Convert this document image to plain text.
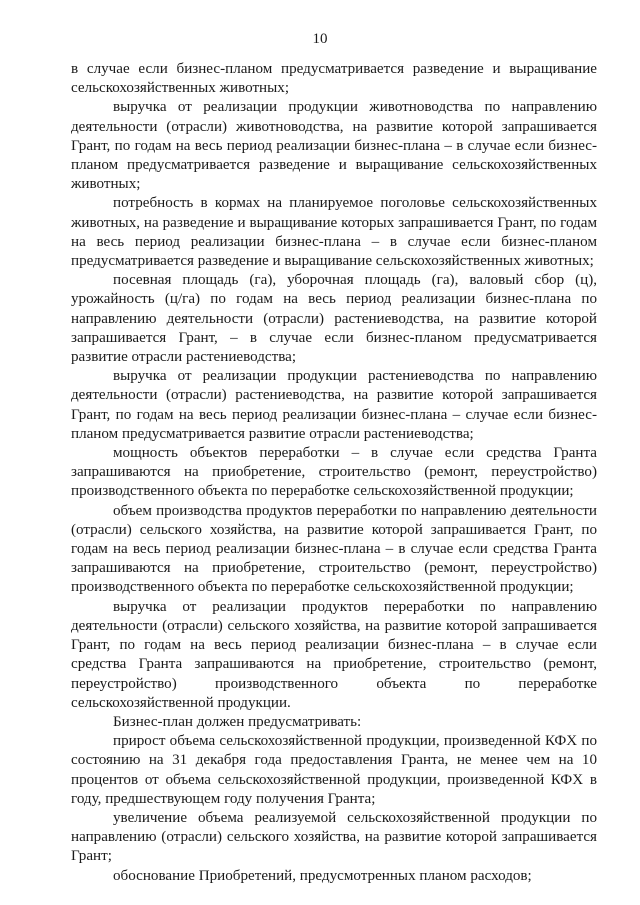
10

в случае если бизнес-планом предусматривается разведение и выращивание сельскохозяйственных животных;

выручка от реализации продукции животноводства по направлению деятельности (отрасли) животноводства, на развитие которой запрашивается Грант, по годам на весь период реализации бизнес-плана – в случае если бизнес-планом предусматривается разведение и выращивание сельскохозяйственных животных;

потребность в кормах на планируемое поголовье сельскохозяйственных животных, на разведение и выращивание которых запрашивается Грант, по годам на весь период реализации бизнес-плана – в случае если бизнес-планом предусматривается разведение и выращивание сельскохозяйственных животных;

посевная площадь (га), уборочная площадь (га), валовый сбор (ц), урожайность (ц/га) по годам на весь период реализации бизнес-плана по направлению деятельности (отрасли) растениеводства, на развитие которой запрашивается Грант, – в случае если бизнес-планом предусматривается развитие отрасли растениеводства;

выручка от реализации продукции растениеводства по направлению деятельности (отрасли) растениеводства, на развитие которой запрашивается Грант, по годам на весь период реализации бизнес-плана – случае если бизнес-планом предусматривается развитие отрасли растениеводства;

мощность объектов переработки – в случае если средства Гранта запрашиваются на приобретение, строительство (ремонт, переустройство) производственного объекта по переработке сельскохозяйственной продукции;

объем производства продуктов переработки по направлению деятельности (отрасли) сельского хозяйства, на развитие которой запрашивается Грант, по годам на весь период реализации бизнес-плана – в случае если средства Гранта запрашиваются на приобретение, строительство (ремонт, переустройство) производственного объекта по переработке сельскохозяйственной продукции;

выручка от реализации продуктов переработки по направлению деятельности (отрасли) сельского хозяйства, на развитие которой запрашивается Грант, по годам на весь период реализации бизнес-плана – в случае если средства Гранта запрашиваются на приобретение, строительство (ремонт, переустройство) производственного объекта по переработке сельскохозяйственной продукции.

Бизнес-план должен предусматривать:

прирост объема сельскохозяйственной продукции, произведенной КФХ по состоянию на 31 декабря года предоставления Гранта, не менее чем на 10 процентов от объема сельскохозяйственной продукции, произведенной КФХ в году, предшествующем году получения Гранта;

увеличение объема реализуемой сельскохозяйственной продукции по направлению (отрасли) сельского хозяйства, на развитие которой запрашивается Грант;

обоснование Приобретений, предусмотренных планом расходов;
